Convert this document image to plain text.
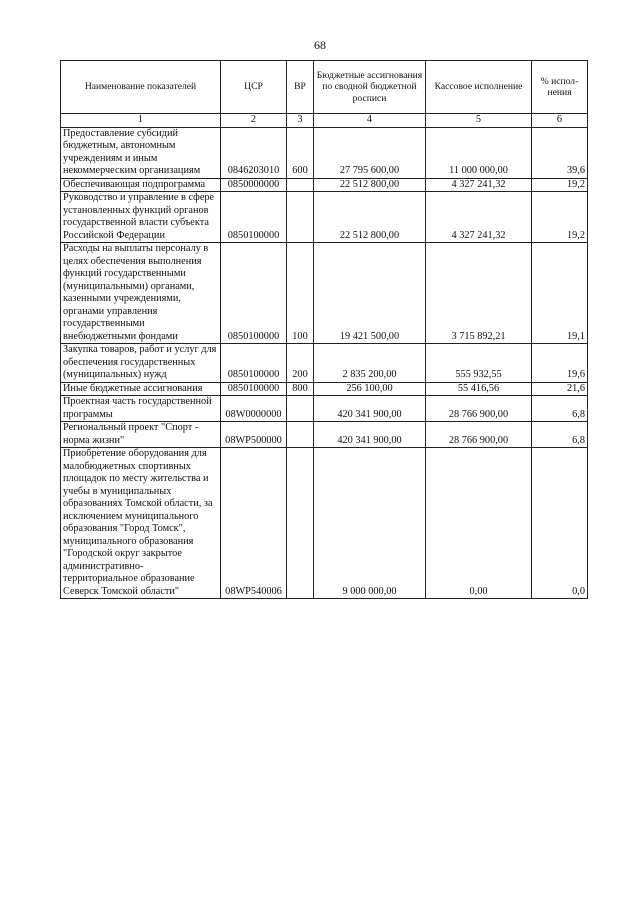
68
Наименование показателей	ЦСР	ВР	Бюджетные ассигнования по сводной бюджетной росписи	Кассовое исполнение	% испол-нения
1	2	3	4	5	6
Предоставление субсидий бюджетным, автономным учреждениям и иным некоммерческим организациям	0846203010	600	27 795 600,00	11 000 000,00	39,6
Обеспечивающая подпрограмма	0850000000		22 512 800,00	4 327 241,32	19,2
Руководство и управление в сфере установленных функций органов государственной власти субъекта Российской Федерации	0850100000		22 512 800,00	4 327 241,32	19,2
Расходы на выплаты персоналу в целях обеспечения выполнения функций государственными (муниципальными) органами, казенными учреждениями, органами управления государственными внебюджетными фондами	0850100000	100	19 421 500,00	3 715 892,21	19,1
Закупка товаров, работ и услуг для обеспечения государственных (муниципальных) нужд	0850100000	200	2 835 200,00	555 932,55	19,6
Иные бюджетные ассигнования	0850100000	800	256 100,00	55 416,56	21,6
Проектная часть государственной программы	08W0000000		420 341 900,00	28 766 900,00	6,8
Региональный проект "Спорт - норма жизни"	08WP500000		420 341 900,00	28 766 900,00	6,8
Приобретение оборудования для малобюджетных спортивных площадок по месту жительства и учебы в муниципальных образованиях Томской области, за исключением муниципального образования "Город Томск", муниципального образования "Городской округ закрытое административно-территориальное образование Северск Томской области"	08WP540006		9 000 000,00	0,00	0,0
